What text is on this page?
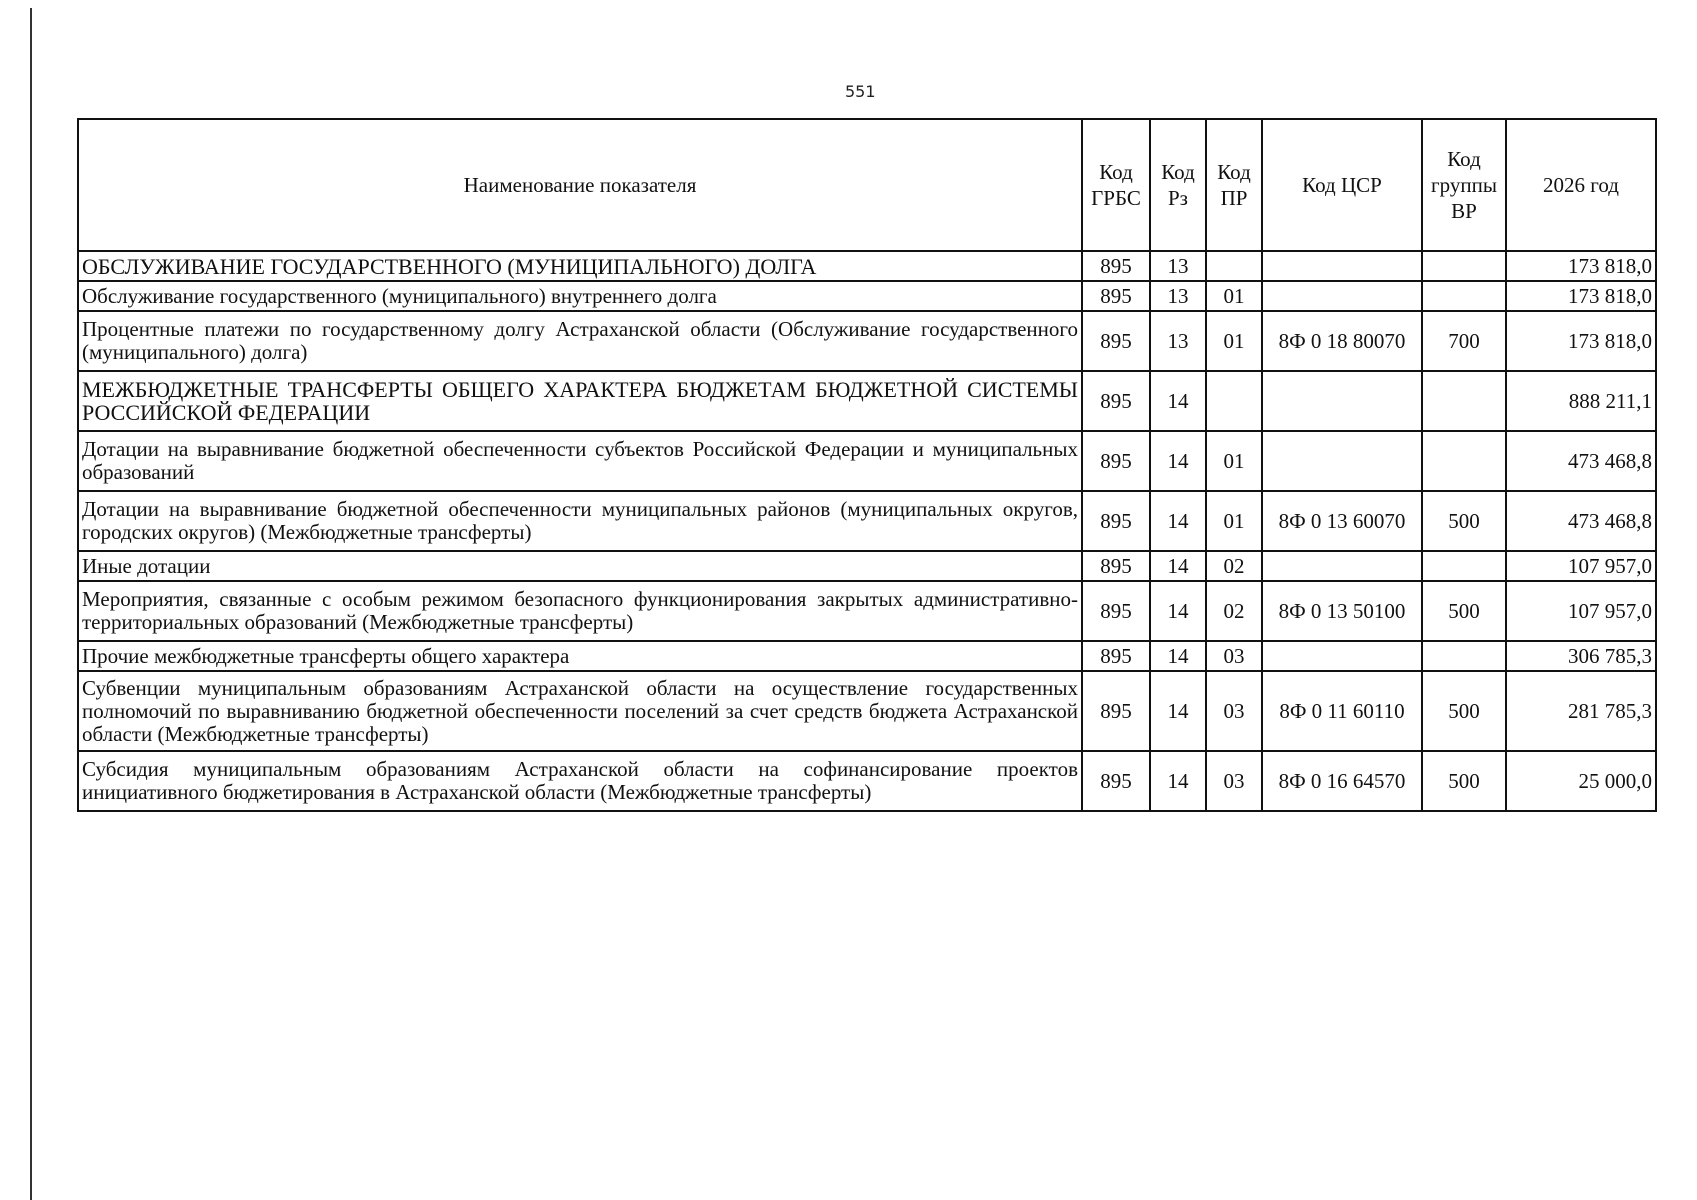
551
Наименование показателя	Код ГРБС	Код Рз	Код ПР	Код ЦСР	Код группы ВР	2026 год
ОБСЛУЖИВАНИЕ ГОСУДАРСТВЕННОГО (МУНИЦИПАЛЬНОГО) ДОЛГА	895	13				173 818,0
Обслуживание государственного (муниципального) внутреннего долга	895	13	01			173 818,0
Процентные платежи по государственному долгу Астраханской области (Обслуживание государственного (муниципального) долга)	895	13	01	8Ф 0 18 80070	700	173 818,0
МЕЖБЮДЖЕТНЫЕ ТРАНСФЕРТЫ ОБЩЕГО ХАРАКТЕРА БЮДЖЕТАМ БЮДЖЕТНОЙ СИСТЕМЫ РОССИЙСКОЙ ФЕДЕРАЦИИ	895	14				888 211,1
Дотации на выравнивание бюджетной обеспеченности субъектов Российской Федерации и муниципальных образований	895	14	01			473 468,8
Дотации на выравнивание бюджетной обеспеченности муниципальных районов (муниципальных округов, городских округов) (Межбюджетные трансферты)	895	14	01	8Ф 0 13 60070	500	473 468,8
Иные дотации	895	14	02			107 957,0
Мероприятия, связанные с особым режимом безопасного функционирования закрытых административно-территориальных образований (Межбюджетные трансферты)	895	14	02	8Ф 0 13 50100	500	107 957,0
Прочие межбюджетные трансферты общего характера	895	14	03			306 785,3
Субвенции муниципальным образованиям Астраханской области на осуществление государственных полномочий по выравниванию бюджетной обеспеченности поселений за счет средств бюджета Астраханской области (Межбюджетные трансферты)	895	14	03	8Ф 0 11 60110	500	281 785,3
Субсидия муниципальным образованиям Астраханской области на софинансирование проектов инициативного бюджетирования в Астраханской области (Межбюджетные трансферты)	895	14	03	8Ф 0 16 64570	500	25 000,0
